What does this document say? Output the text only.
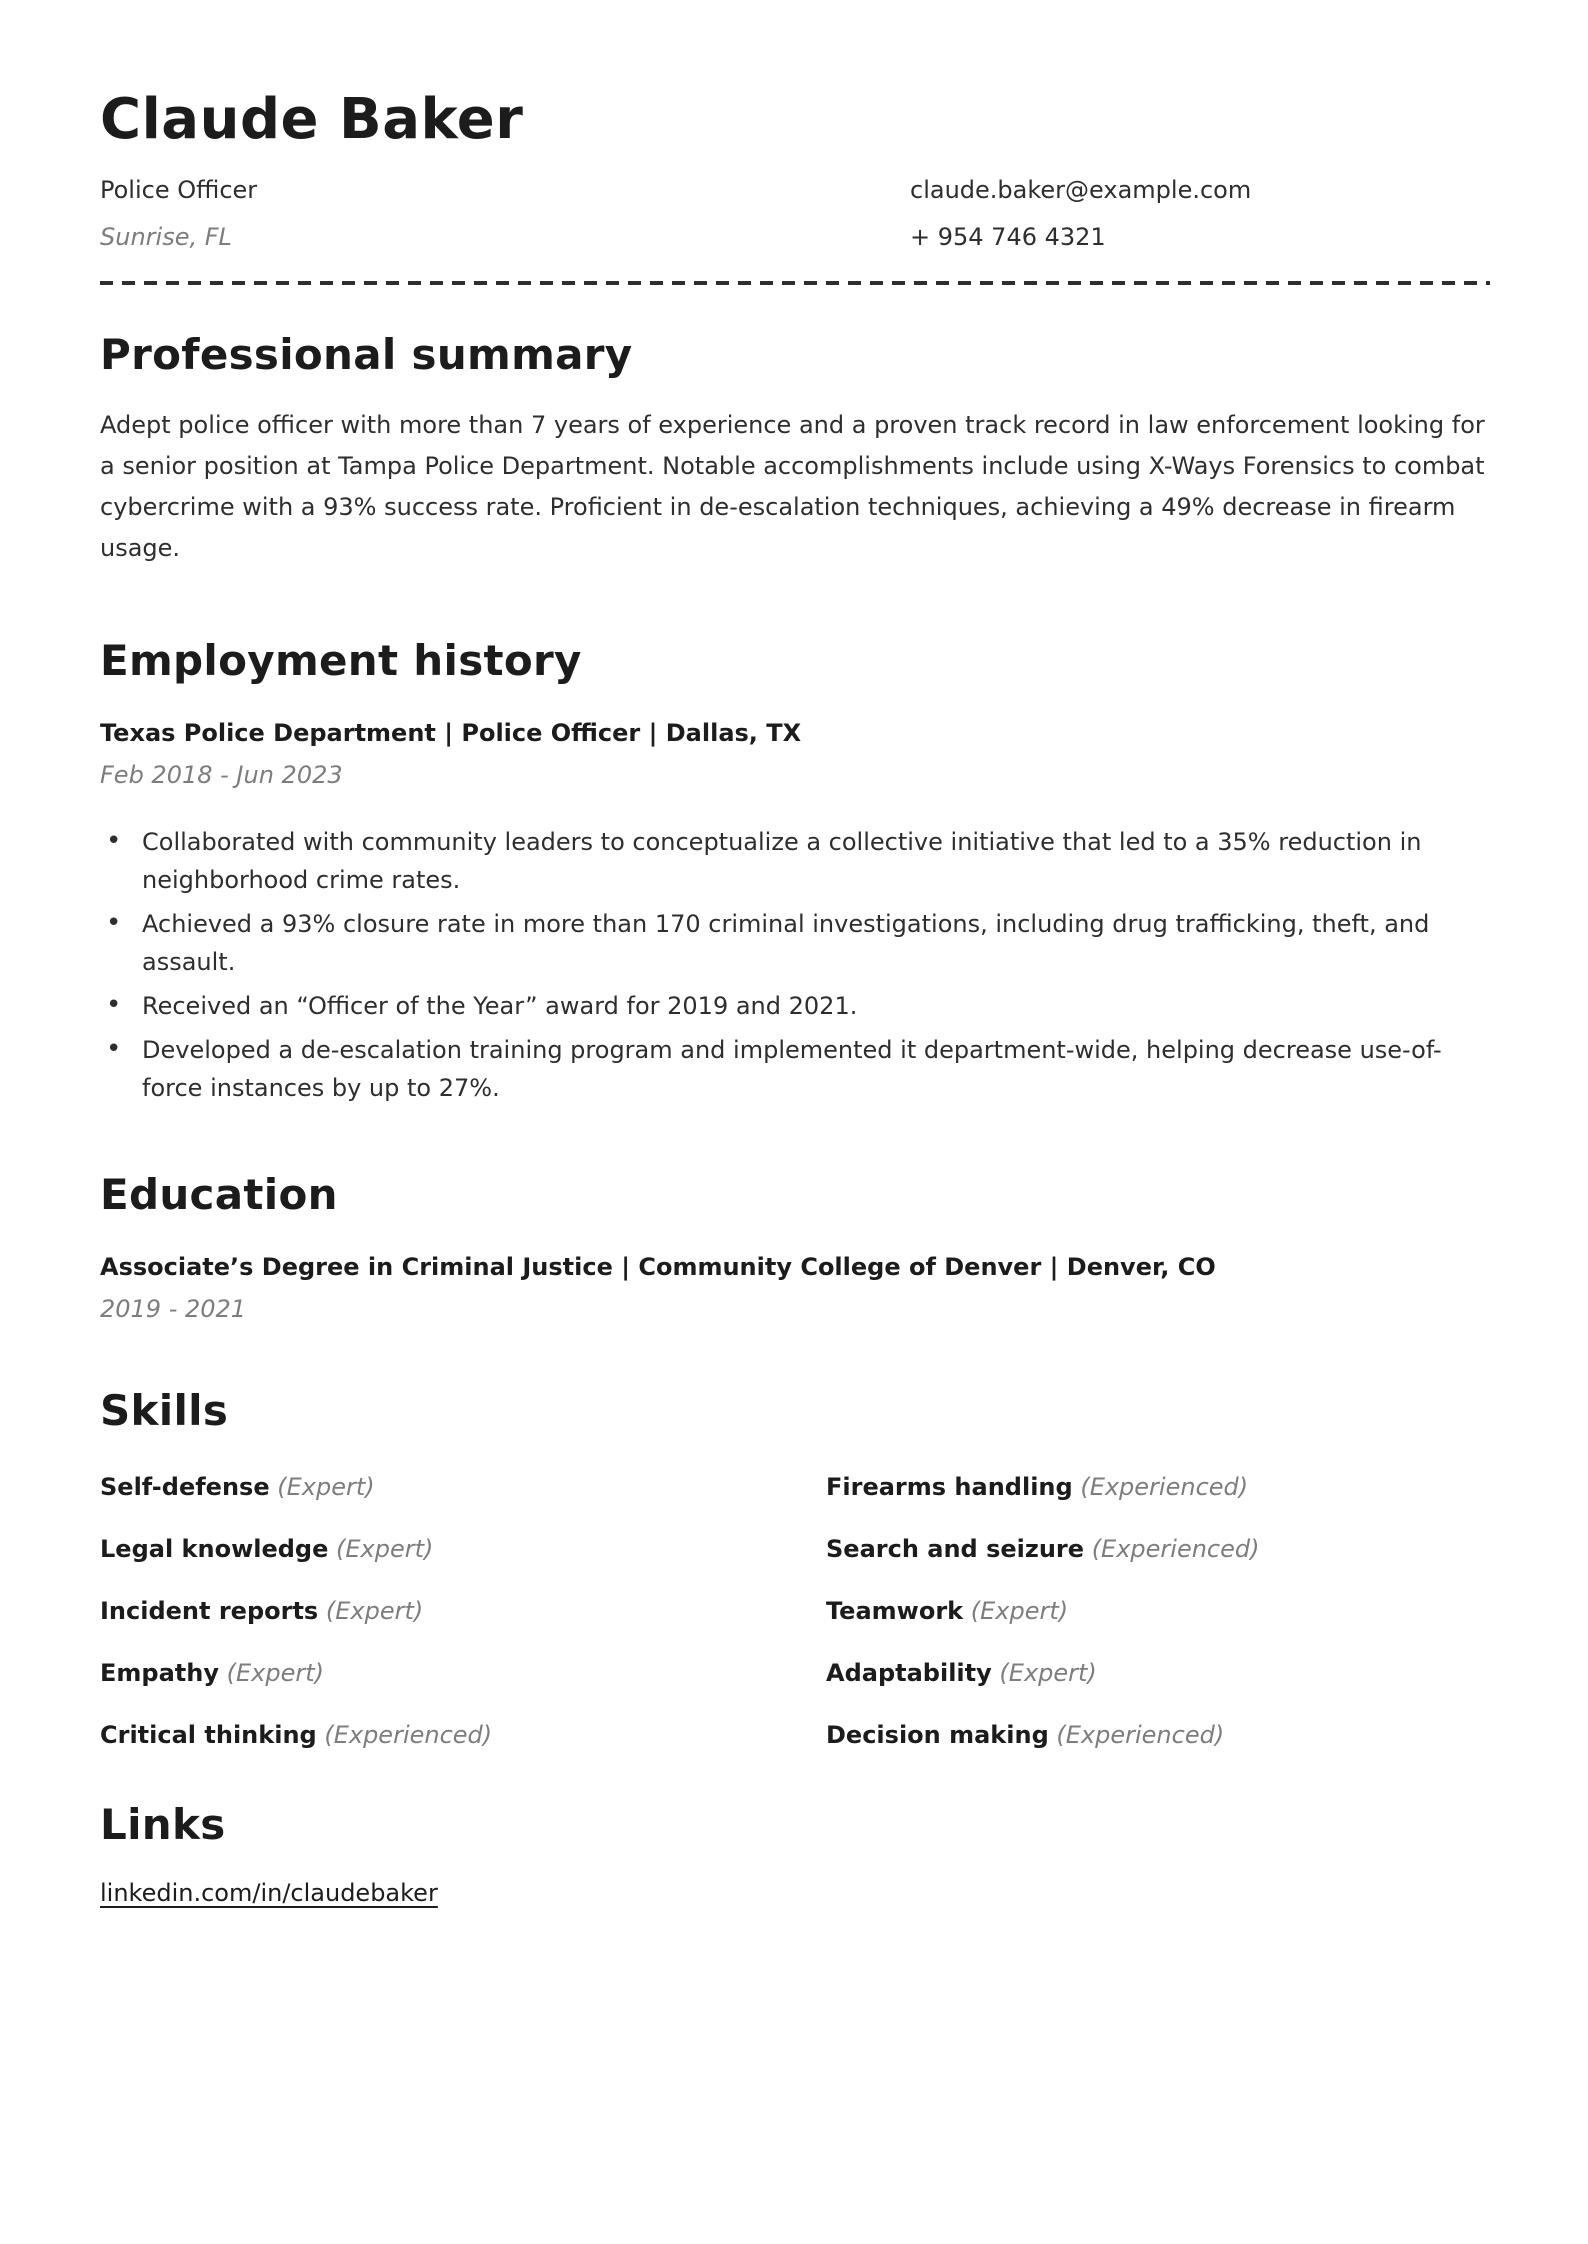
Claude Baker
Police Officer	claude.baker@example.com
Sunrise, FL	+ 954 746 4321
Professional summary

Adept police officer with more than 7 years of experience and a proven track record in law enforcement looking for a senior position at Tampa Police Department. Notable accomplishments include using X-Ways Forensics to combat cybercrime with a 93% success rate. Proficient in de-escalation techniques, achieving a 49% decrease in firearm usage.

Employment history
Texas Police Department | Police Officer | Dallas, TX
Feb 2018 - Jun 2023
• Collaborated with community leaders to conceptualize a collective initiative that led to a 35% reduction in neighborhood crime rates.
• Achieved a 93% closure rate in more than 170 criminal investigations, including drug trafficking, theft, and assault.
• Received an “Officer of the Year” award for 2019 and 2021.
• Developed a de-escalation training program and implemented it department-wide, helping decrease use-of-force instances by up to 27%.
Education
Associate’s Degree in Criminal Justice | Community College of Denver | Denver, CO
2019 - 2021
Skills
Self-defense (Expert)	Firearms handling (Experienced)
Legal knowledge (Expert)	Search and seizure (Experienced)
Incident reports (Expert)	Teamwork (Expert)
Empathy (Expert)	Adaptability (Expert)
Critical thinking (Experienced)	Decision making (Experienced)
Links
linkedin.com/in/claudebaker
